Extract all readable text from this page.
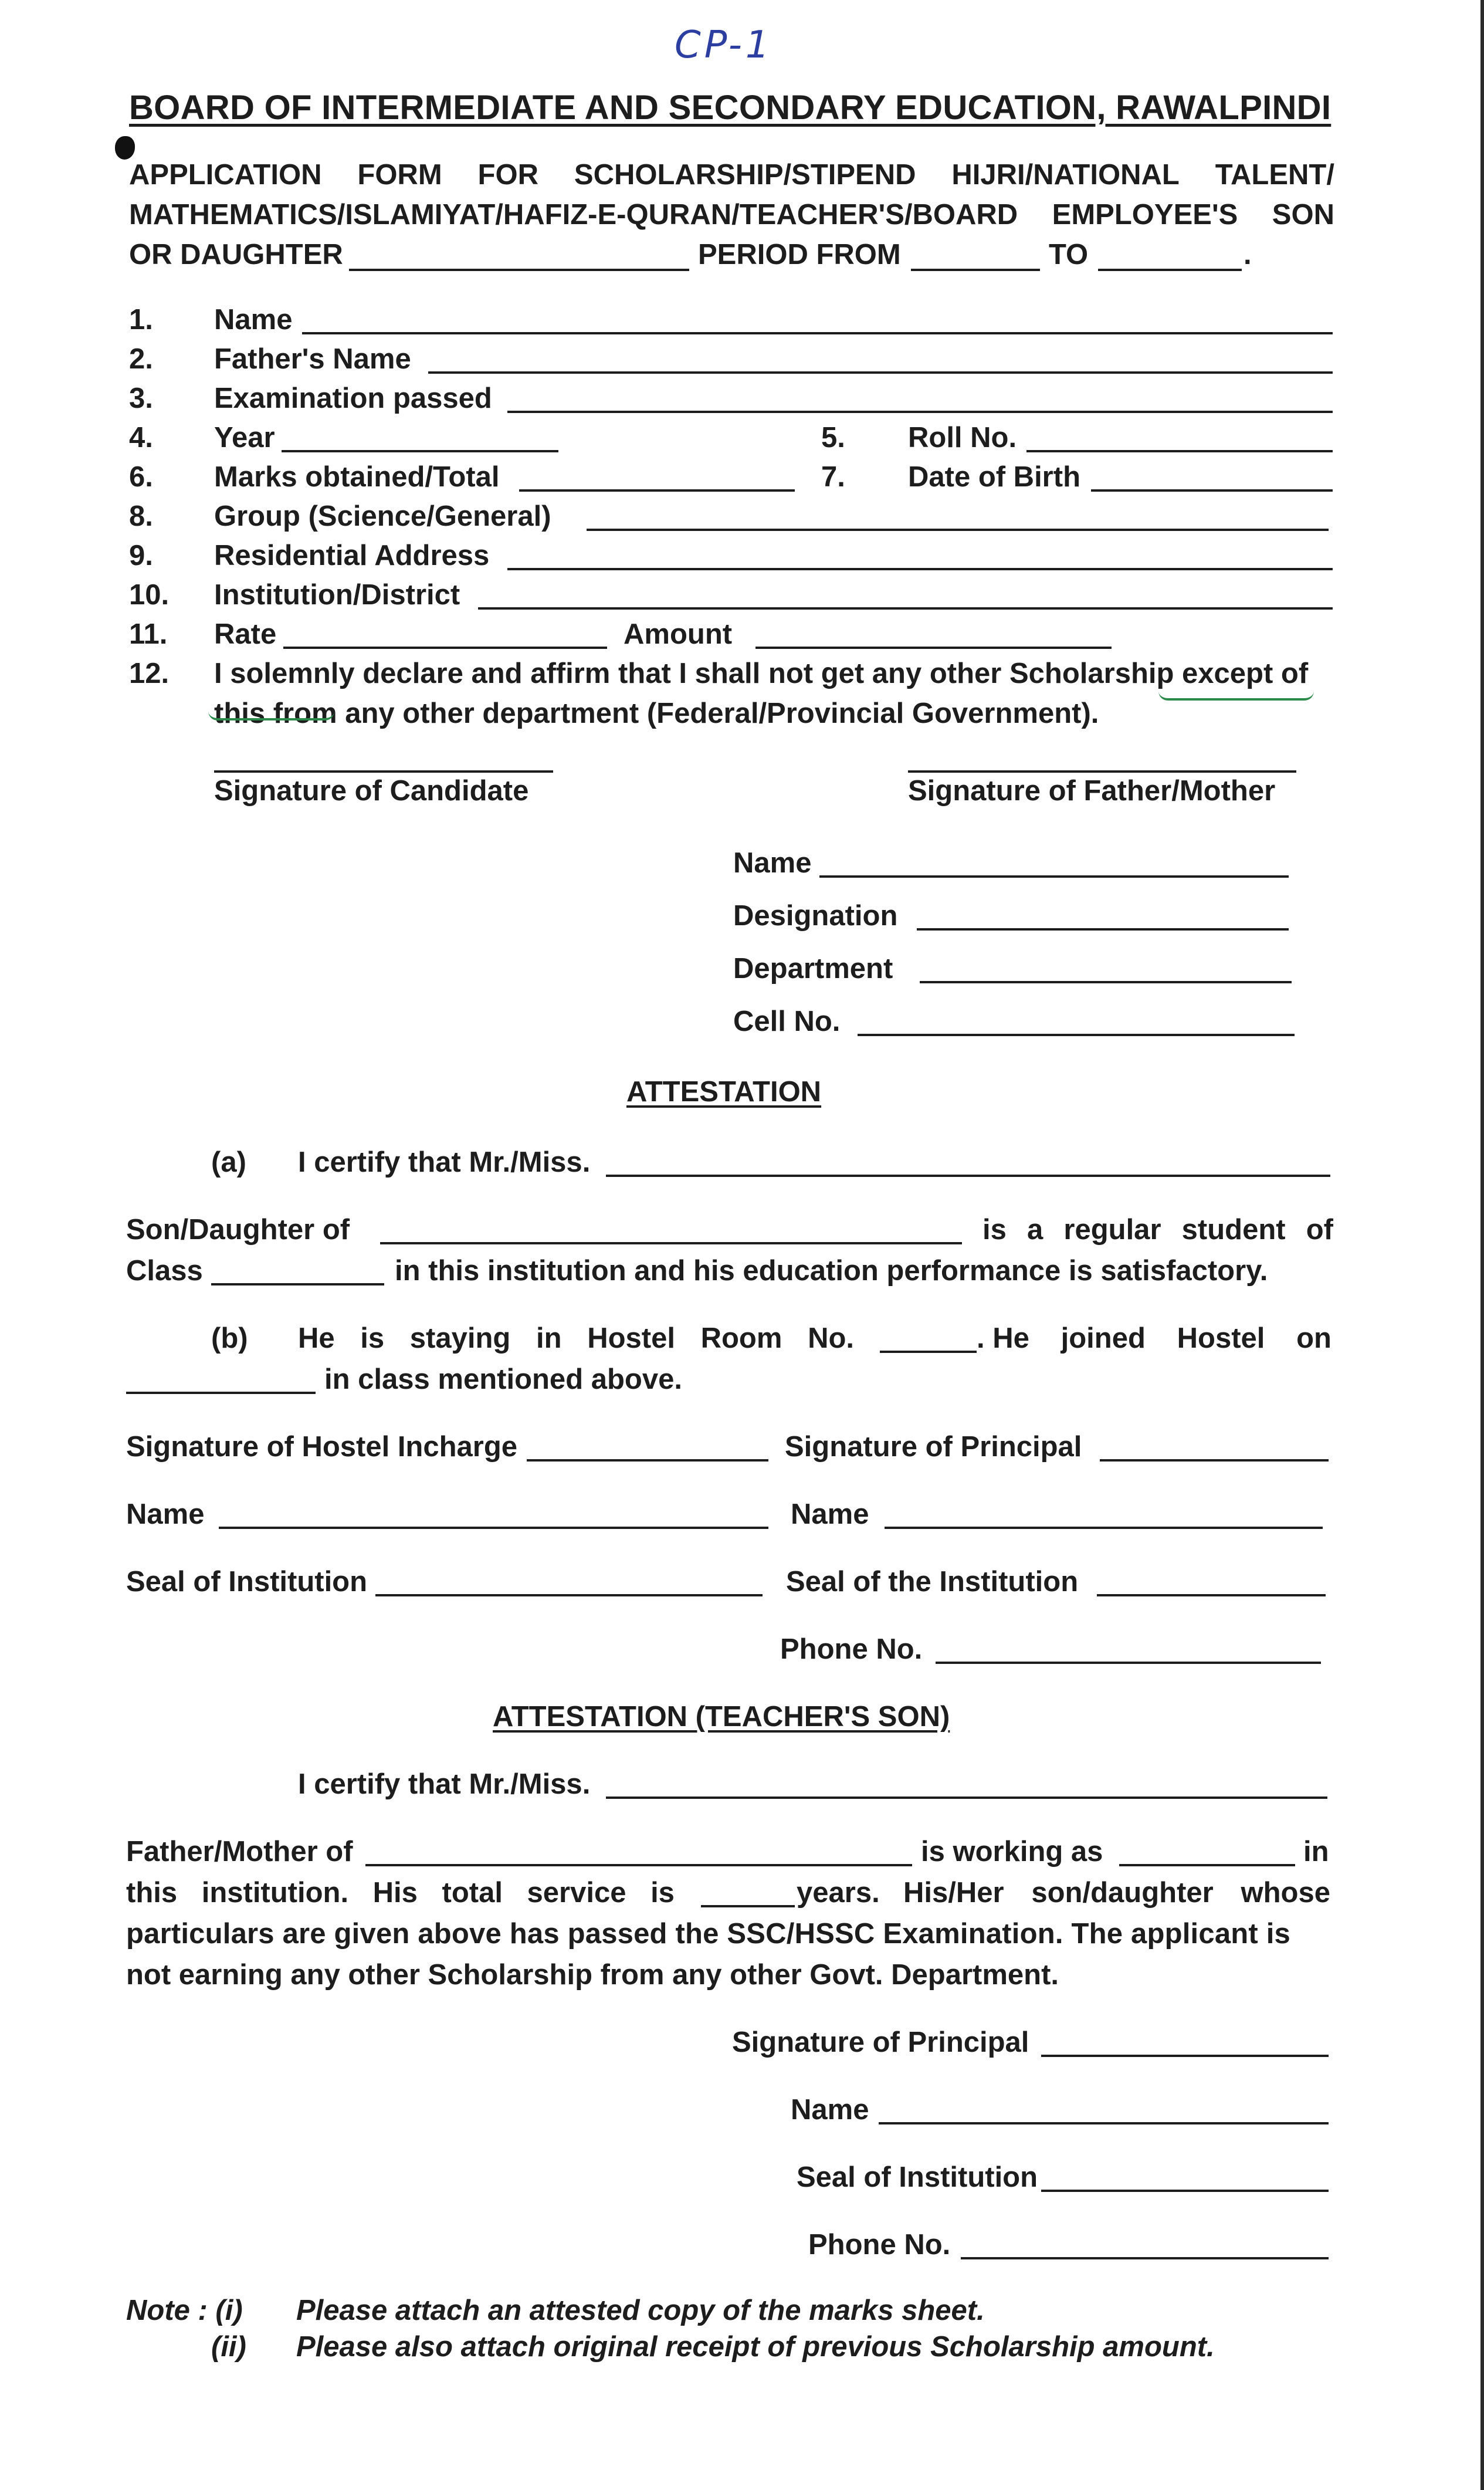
CP-1
BOARD OF INTERMEDIATE AND SECONDARY EDUCATION, RAWALPINDI
APPLICATION FORM FOR SCHOLARSHIP/STIPEND HIJRI/NATIONAL TALENT/
MATHEMATICS/ISLAMIYAT/HAFIZ-E-QURAN/TEACHER'S/BOARD EMPLOYEE'S SON
OR DAUGHTER	PERIOD FROM	TO	.
1. Name
2. Father's Name
3. Examination passed
4. Year	5. Roll No.
6. Marks obtained/Total	7. Date of Birth
8. Group (Science/General)
9. Residential Address
10. Institution/District
11. Rate	Amount
12. I solemnly declare and affirm that I shall not get any other Scholarship except of
this from any other department (Federal/Provincial Government).
Signature of Candidate	Signature of Father/Mother
Name
Designation
Department
Cell No.
ATTESTATION
(a) I certify that Mr./Miss.
Son/Daughter of	is a regular student of
Class	in this institution and his education performance is satisfactory.
(b) He is staying in Hostel Room No.	. He joined Hostel on
in class mentioned above.
Signature of Hostel Incharge	Signature of Principal
Name	Name
Seal of Institution	Seal of the Institution
Phone No.
ATTESTATION (TEACHER'S SON)
I certify that Mr./Miss.
Father/Mother of	is working as	in
this institution. His total service is	years. His/Her son/daughter whose
particulars are given above has passed the SSC/HSSC Examination. The applicant is
not earning any other Scholarship from any other Govt. Department.
Signature of Principal
Name
Seal of Institution
Phone No.
Note : (i) Please attach an attested copy of the marks sheet.
(ii) Please also attach original receipt of previous Scholarship amount.
